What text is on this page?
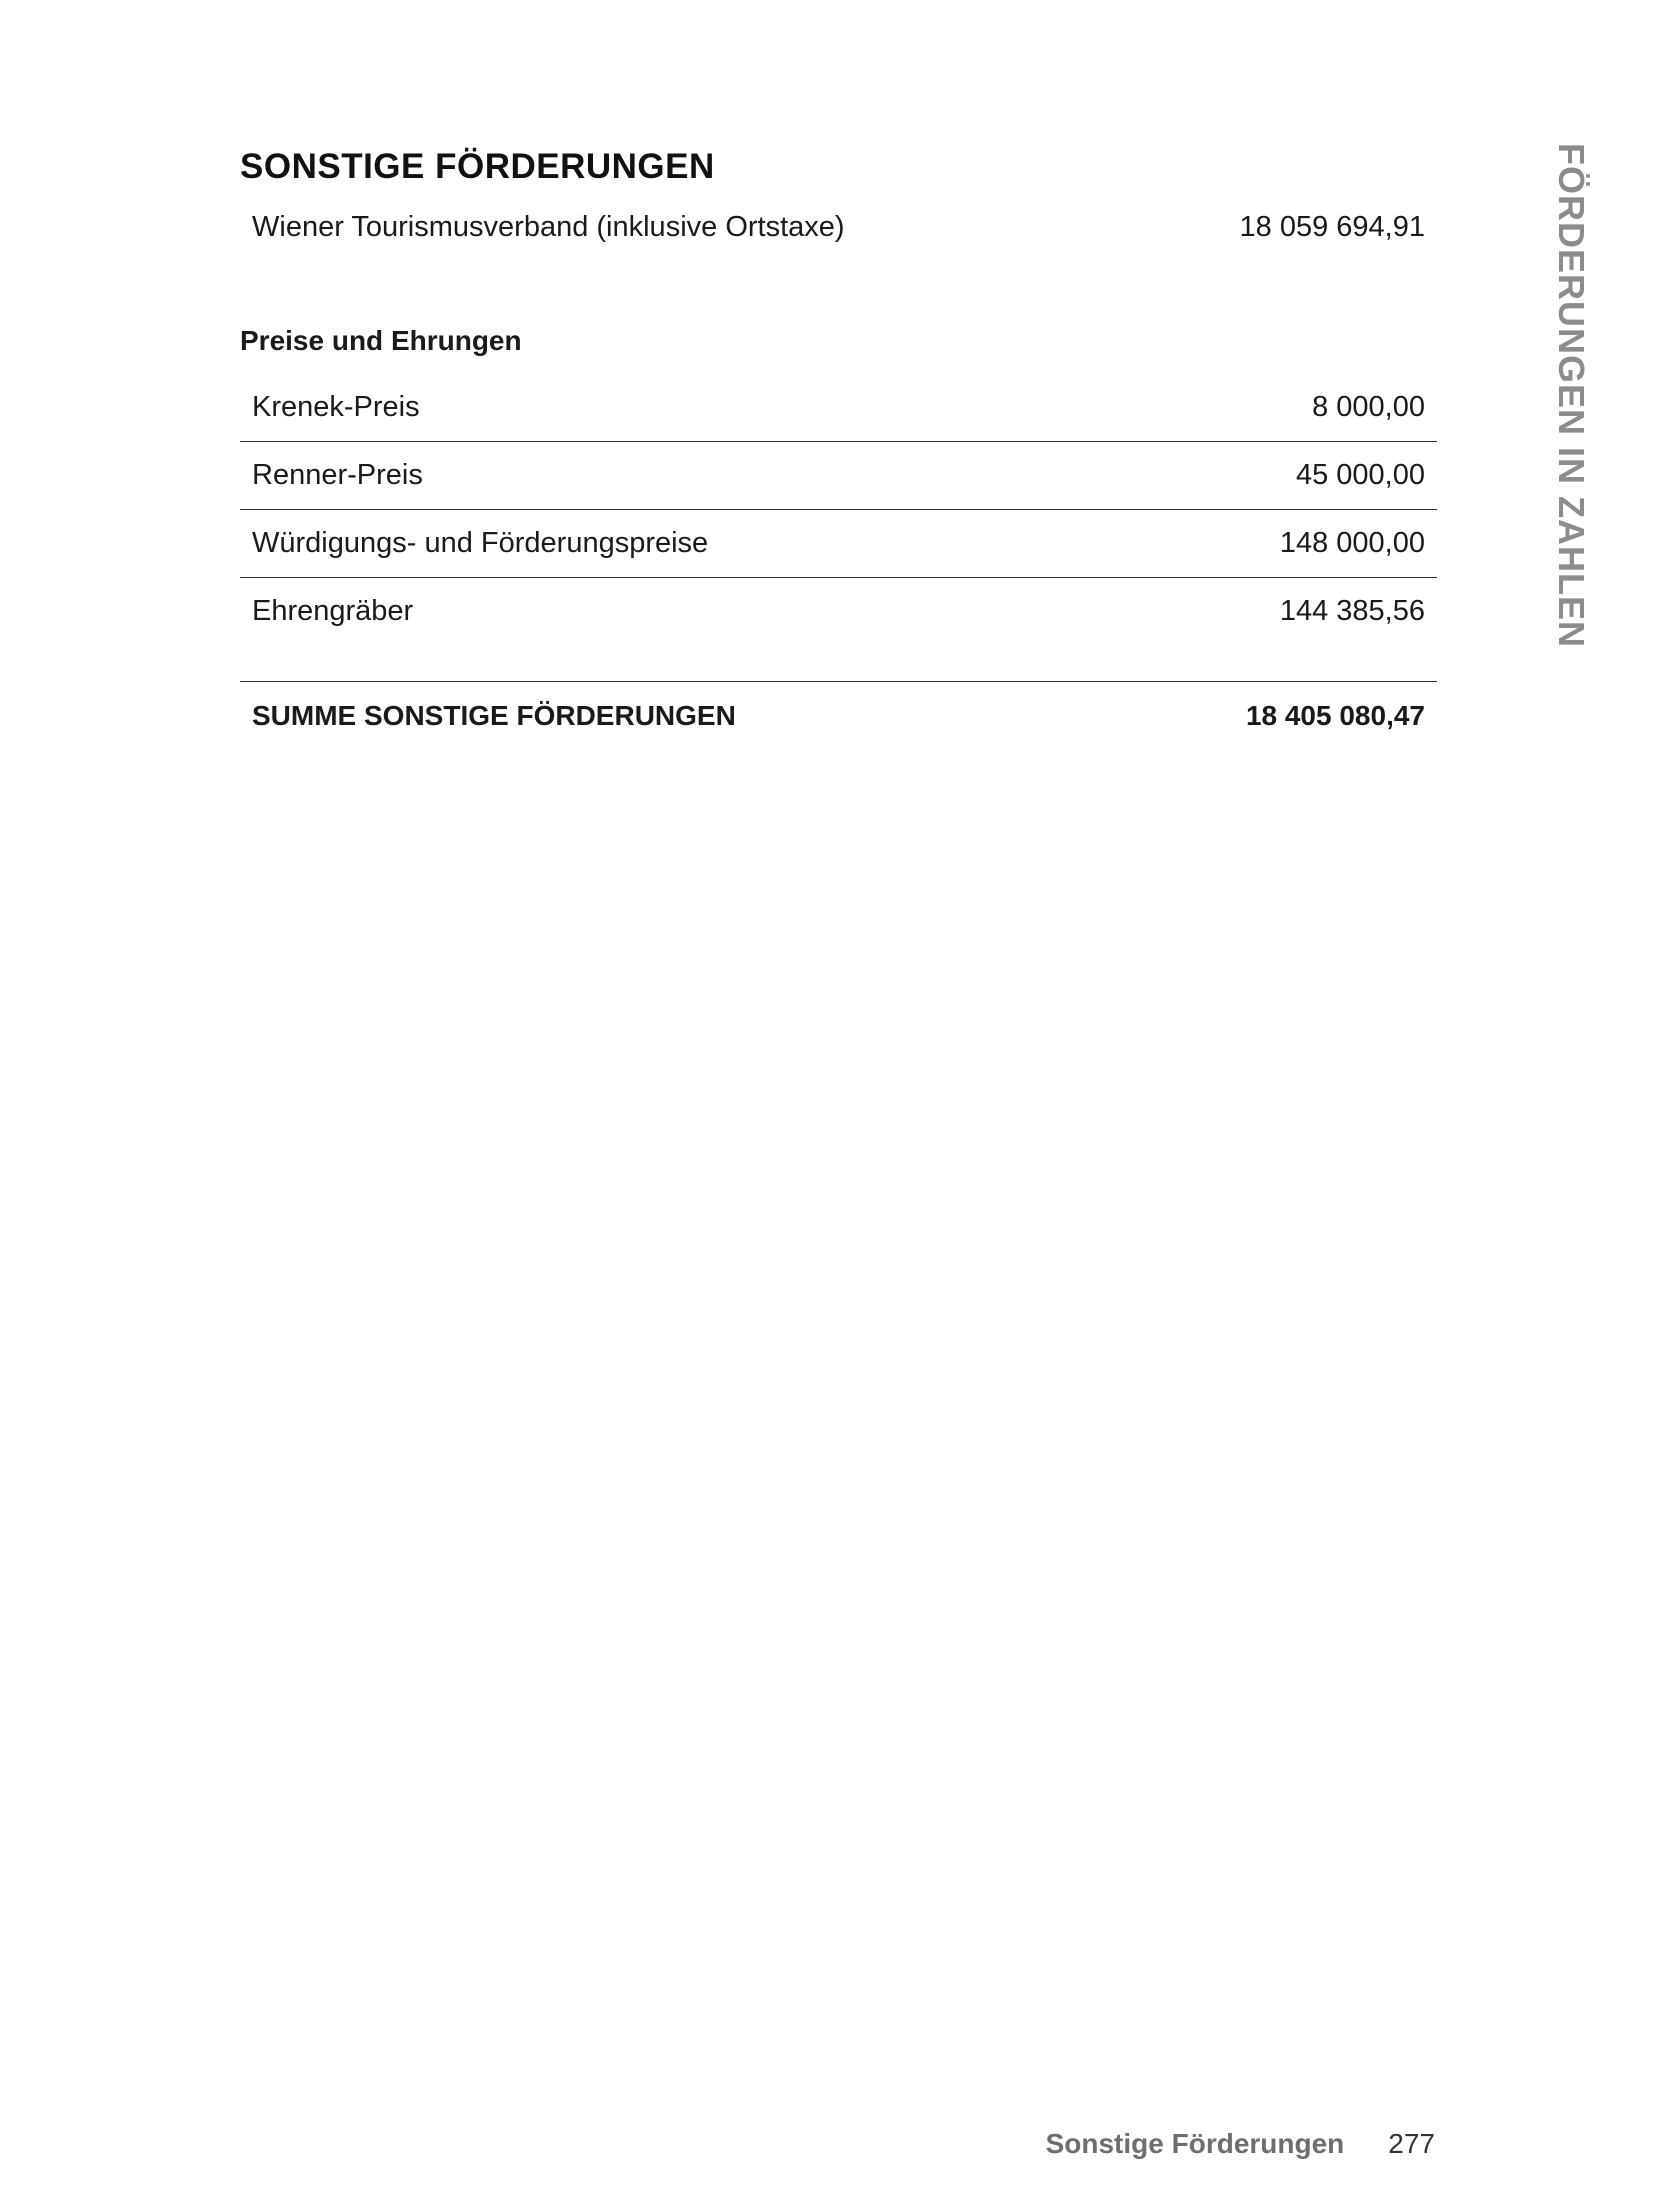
SONSTIGE FÖRDERUNGEN
Wiener Tourismusverband (inklusive Ortstaxe)	18 059 694,91
Preise und Ehrungen
Krenek-Preis	8 000,00
Renner-Preis	45 000,00
Würdigungs- und Förderungspreise	148 000,00
Ehrengräber	144 385,56
SUMME SONSTIGE FÖRDERUNGEN	18 405 080,47
FÖRDERUNGEN IN ZAHLEN
Sonstige Förderungen 277
